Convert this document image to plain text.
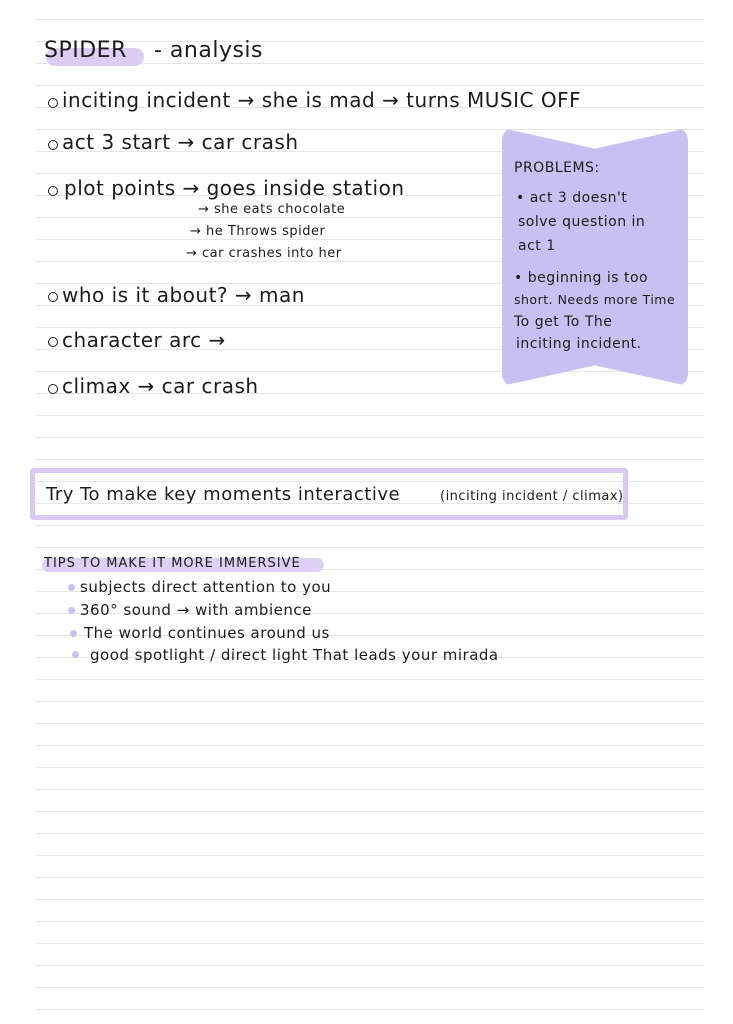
SPIDER - analysis
inciting incident → she is mad → turns MUSIC OFF
act 3 start → car crash
plot points → goes inside station
→ she eats chocolate
→ he Throws spider
→ car crashes into her
who is it about? → man
character arc →
climax → car crash
PROBLEMS:
• act 3 doesn't
solve question in
act 1
• beginning is too
short. Needs more Time
To get To The
inciting incident.
Try To make key moments interactive	(inciting incident / climax)
TIPS TO MAKE IT MORE IMMERSIVE
subjects direct attention to you
360° sound → with ambience
The world continues around us
good spotlight / direct light That leads your mirada
